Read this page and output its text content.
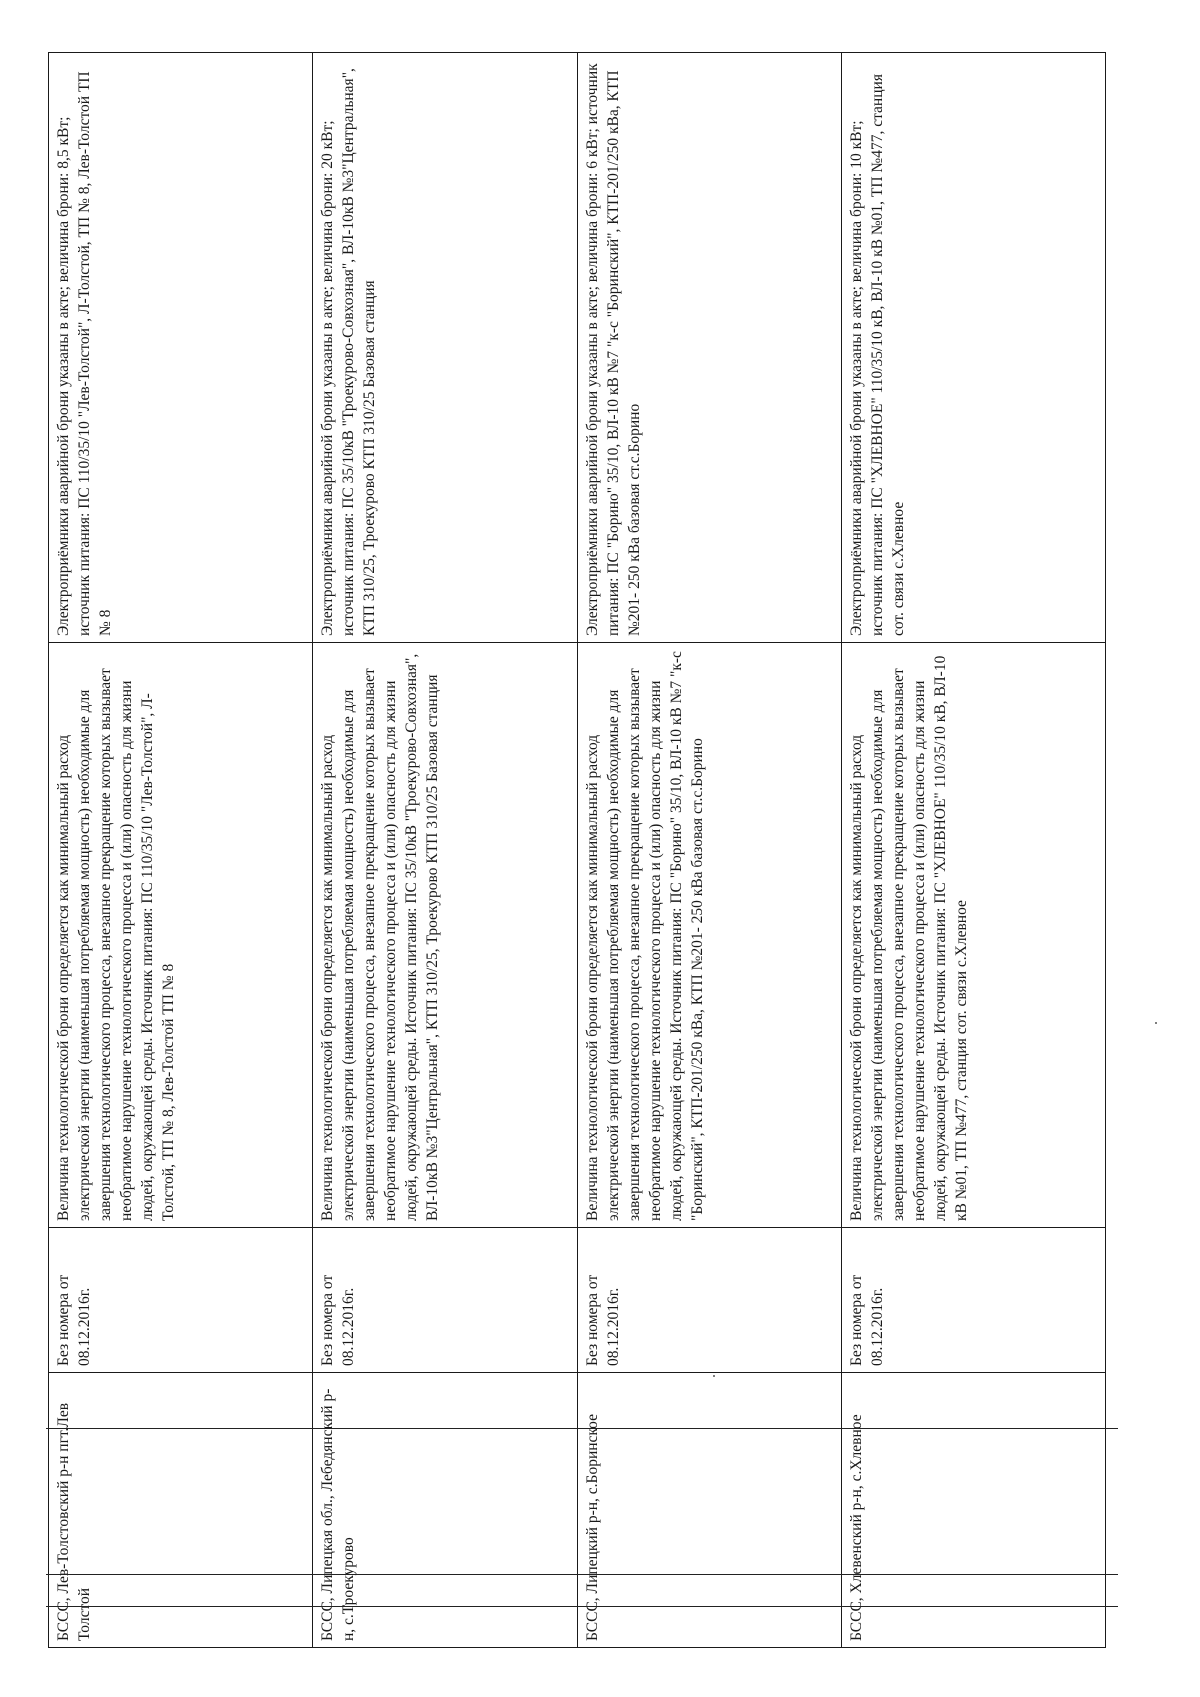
БССС, Лев-Толстовский р-н пгт.Лев Толстой	Без номера от 08.12.2016г.	Величина технологической брони определяется как минимальный расход электрической энергии (наименьшая потребляемая мощность) необходимые для завершения технологического процесса, внезапное прекращение которых вызывает необратимое нарушение технологического процесса и (или) опасность для жизни людей, окружающей среды. Источник питания: ПС 110/35/10 "Лев-Толстой", Л-Толстой, ТП № 8, Лев-Толстой ТП № 8	Электроприёмники аварийной брони указаны в акте; величина брони: 8,5 кВт; источник питания: ПС 110/35/10 "Лев-Толстой", Л-Толстой, ТП № 8, Лев-Толстой ТП № 8
БССС, Липецкая обл., Лебедянский р-н, с.Троекурово	Без номера от 08.12.2016г.	Величина технологической брони определяется как минимальный расход электрической энергии (наименьшая потребляемая мощность) необходимые для завершения технологического процесса, внезапное прекращение которых вызывает необратимое нарушение технологического процесса и (или) опасность для жизни людей, окружающей среды. Источник питания: ПС 35/10кВ "Троекурово-Совхозная", ВЛ-10кВ №3"Центральная", КТП 310/25, Троекурово КТП 310/25 Базовая станция	Электроприёмники аварийной брони указаны в акте; величина брони: 20 кВт; источник питания: ПС 35/10кВ "Троекурово-Совхозная", ВЛ-10кВ №3"Центральная", КТП 310/25, Троекурово КТП 310/25 Базовая станция
БССС, Липецкий р-н, с.Боринское	Без номера от 08.12.2016г.	Величина технологической брони определяется как минимальный расход электрической энергии (наименьшая потребляемая мощность) необходимые для завершения технологического процесса, внезапное прекращение которых вызывает необратимое нарушение технологического процесса и (или) опасность для жизни людей, окружающей среды. Источник питания: ПС "Борино" 35/10, ВЛ-10 кВ №7 "к-с "Боринский", КТП-201/250 кВа, КТП №201- 250 кВа базовая ст.с.Борино	Электроприёмники аварийной брони указаны в акте; величина брони: 6 кВт; источник питания: ПС "Борино" 35/10, ВЛ-10 кВ №7 "к-с "Боринский", КТП-201/250 кВа, КТП №201- 250 кВа базовая ст.с.Борино
БССС, Хлевенский р-н, с.Хлевное	Без номера от 08.12.2016г.	Величина технологической брони определяется как минимальный расход электрической энергии (наименьшая потребляемая мощность) необходимые для завершения технологического процесса, внезапное прекращение которых вызывает необратимое нарушение технологического процесса и (или) опасность для жизни людей, окружающей среды. Источник питания: ПС "ХЛЕВНОЕ" 110/35/10 кВ, ВЛ-10 кВ №01, ТП №477, станция сот. связи с.Хлевное	Электроприёмники аварийной брони указаны в акте; величина брони: 10 кВт; источник питания: ПС "ХЛЕВНОЕ" 110/35/10 кВ, ВЛ-10 кВ №01, ТП №477, станция сот. связи с.Хлевное
